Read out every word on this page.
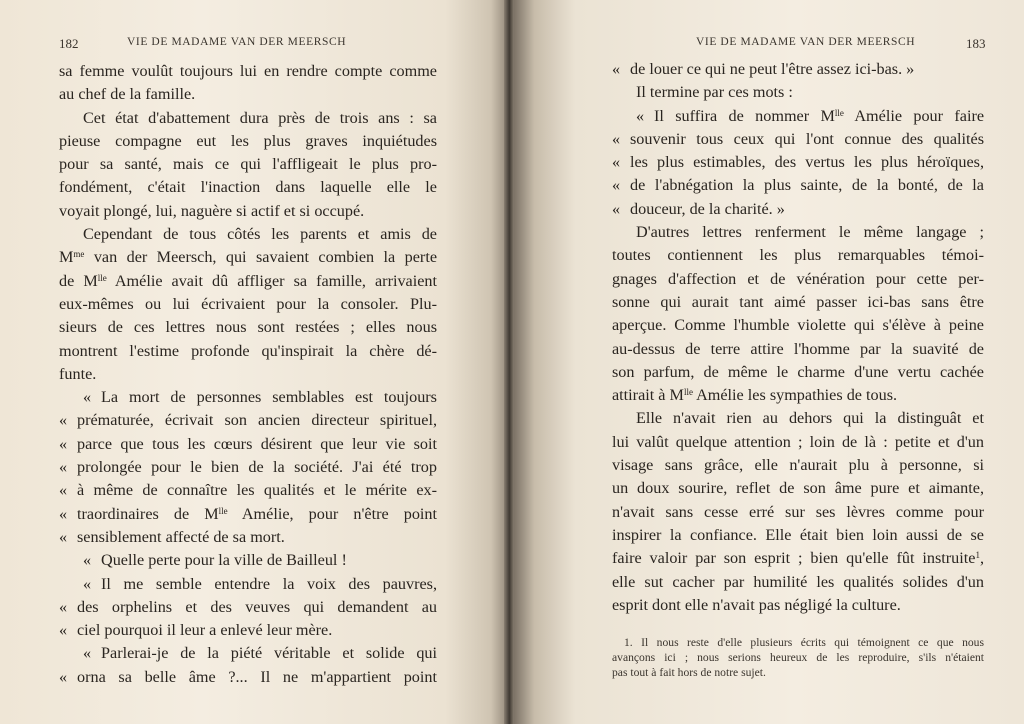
182	VIE DE MADAME VAN DER MEERSCH
sa femme voulût toujours lui en rendre compte comme
au chef de la famille.
Cet état d'abattement dura près de trois ans : sa
pieuse compagne eut les plus graves inquiétudes
pour sa santé, mais ce qui l'affligeait le plus pro-
fondément, c'était l'inaction dans laquelle elle le
voyait plongé, lui, naguère si actif et si occupé.
Cependant de tous côtés les parents et amis de
$M^{me}$ van der Meersch, qui savaient combien la perte
de $M^{lle}$ Amélie avait dû affliger sa famille, arrivaient
eux-mêmes ou lui écrivaient pour la consoler. Plu-
sieurs de ces lettres nous sont restées ; elles nous
montrent l'estime profonde qu'inspirait la chère dé-
funte.
« La mort de personnes semblables est toujours
« prématurée, écrivait son ancien directeur spirituel,
« parce que tous les cœurs désirent que leur vie soit
« prolongée pour le bien de la société. J'ai été trop
« à même de connaître les qualités et le mérite ex-
« traordinaires de $M^{lle}$ Amélie, pour n'être point
« sensiblement affecté de sa mort.
« Quelle perte pour la ville de Bailleul !
« Il me semble entendre la voix des pauvres,
« des orphelins et des veuves qui demandent au
« ciel pourquoi il leur a enlevé leur mère.
« Parlerai-je de la piété véritable et solide qui
« orna sa belle âme ?... Il ne m'appartient point
VIE DE MADAME VAN DER MEERSCH	183
« de louer ce qui ne peut l'être assez ici-bas. »
Il termine par ces mots :
« Il suffira de nommer $M^{lle}$ Amélie pour faire
« souvenir tous ceux qui l'ont connue des qualités
« les plus estimables, des vertus les plus héroïques,
« de l'abnégation la plus sainte, de la bonté, de la
« douceur, de la charité. »
D'autres lettres renferment le même langage ;
toutes contiennent les plus remarquables témoi-
gnages d'affection et de vénération pour cette per-
sonne qui aurait tant aimé passer ici-bas sans être
aperçue. Comme l'humble violette qui s'élève à peine
au-dessus de terre attire l'homme par la suavité de
son parfum, de même le charme d'une vertu cachée
attirait à $M^{lle}$ Amélie les sympathies de tous.
Elle n'avait rien au dehors qui la distinguât et
lui valût quelque attention ; loin de là : petite et d'un
visage sans grâce, elle n'aurait plu à personne, si
un doux sourire, reflet de son âme pure et aimante,
n'avait sans cesse erré sur ses lèvres comme pour
inspirer la confiance. Elle était bien loin aussi de se
faire valoir par son esprit ; bien qu'elle fût instruite$^1$,
elle sut cacher par humilité les qualités solides d'un
esprit dont elle n'avait pas négligé la culture.
1. Il nous reste d'elle plusieurs écrits qui témoignent ce que nous
avançons ici ; nous serions heureux de les reproduire, s'ils n'étaient
pas tout à fait hors de notre sujet.
